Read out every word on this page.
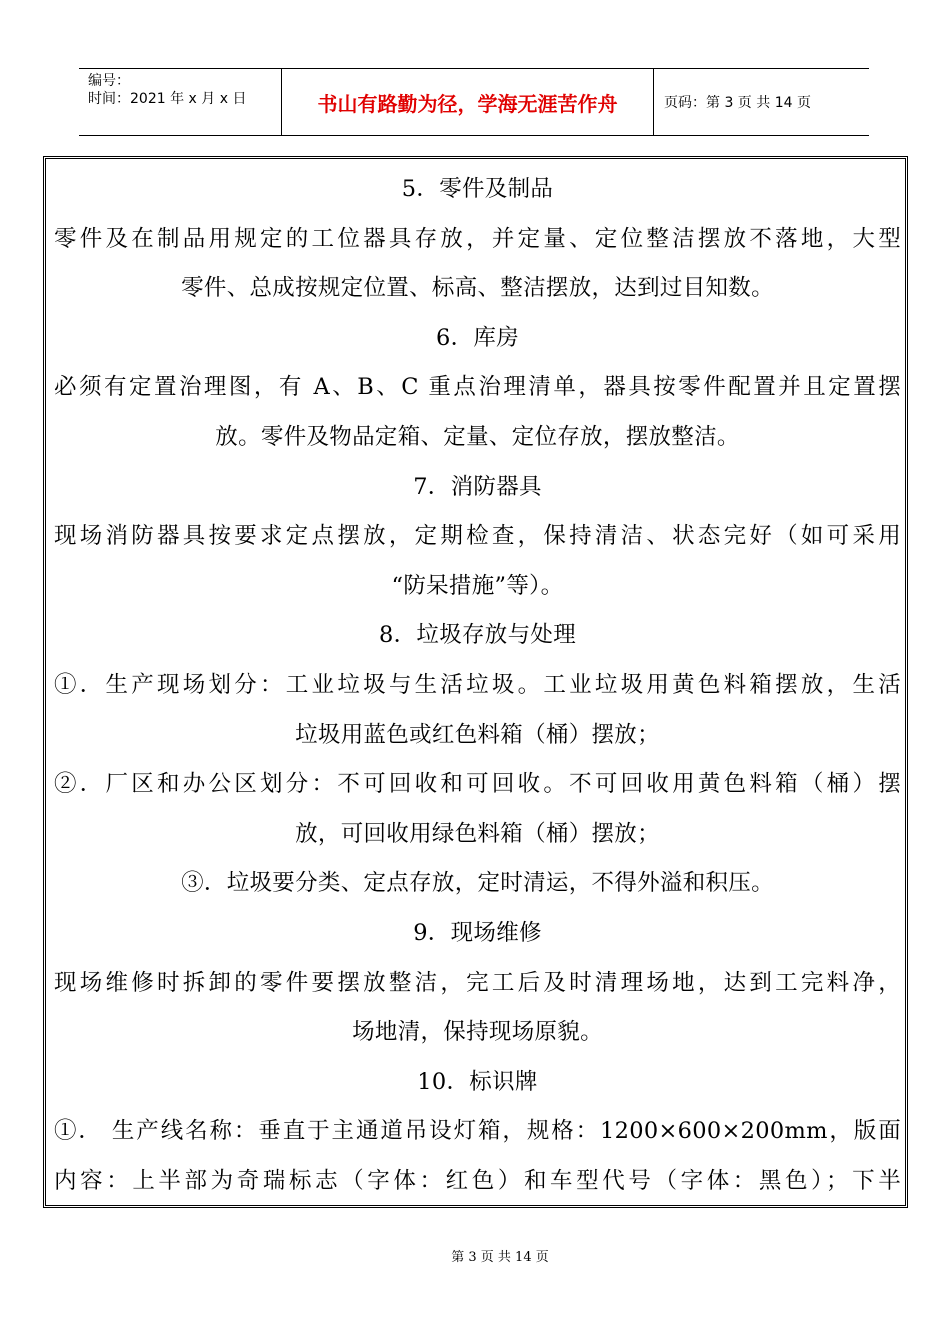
编号：
时间：2021 年 x 月 x 日	书山有路勤为径，学海无涯苦作舟	页码：第 3 页 共 14 页
5．零件及制品
零件及在制品用规定的工位器具存放，并定量、定位整洁摆放不落地，大型
零件、总成按规定位置、标高、整洁摆放，达到过目知数。
6．库房
必须有定置治理图，有 A、B、C 重点治理清单，器具按零件配置并且定置摆
放。零件及物品定箱、定量、定位存放，摆放整洁。
7．消防器具
现场消防器具按要求定点摆放，定期检查，保持清洁、状态完好（如可采用
“防呆措施”等）。
8．垃圾存放与处理
①．生产现场划分：工业垃圾与生活垃圾。工业垃圾用黄色料箱摆放，生活
垃圾用蓝色或红色料箱（桶）摆放；
②．厂区和办公区划分：不可回收和可回收。不可回收用黄色料箱（桶）摆
放，可回收用绿色料箱（桶）摆放；
③．垃圾要分类、定点存放，定时清运，不得外溢和积压。
9．现场维修
现场维修时拆卸的零件要摆放整洁，完工后及时清理场地，达到工完料净，
场地清，保持现场原貌。
10．标识牌
①． 生产线名称：垂直于主通道吊设灯箱，规格：1200×600×200mm，版面
内容：上半部为奇瑞标志（字体：红色）和车型代号（字体：黑色）；下半
第 3 页 共 14 页
